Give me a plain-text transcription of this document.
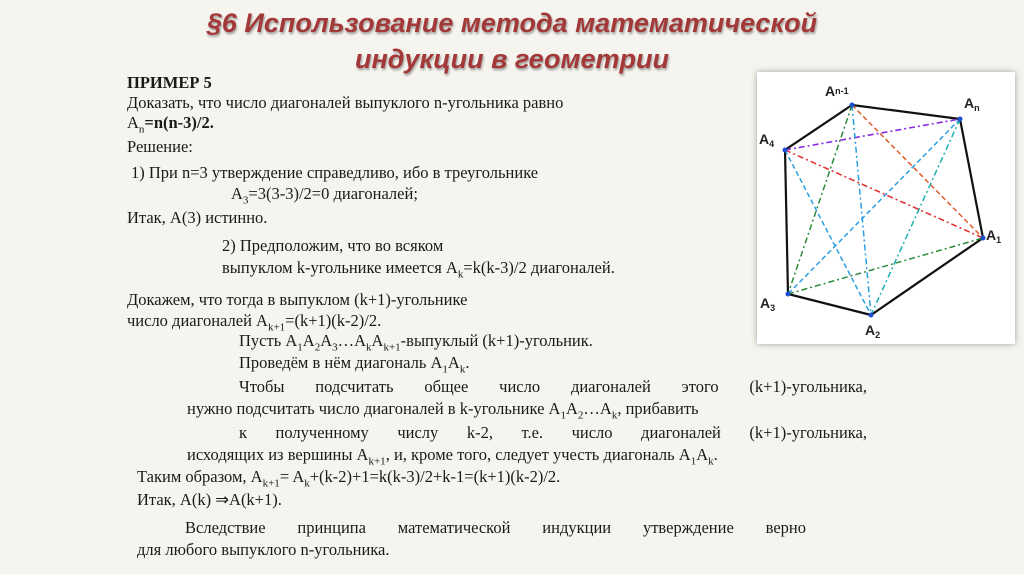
§6 Использование метода математической
индукции в геометрии
ПРИМЕР 5
Доказать, что число диагоналей выпуклого n-угольника равно
$A_n=n(n-3)/2$.
Решение:
1) При n=3 утверждение справедливо, ибо в треугольнике
$A_3=3(3-3)/2=0$ диагоналей;
Итак, А(3) истинно.
2) Предположим, что во всяком
выпуклом k-угольнике имеется $A_k=k(k-3)/2$ диагоналей.
Докажем, что тогда в выпуклом (k+1)-угольнике
число диагоналей $A_{k+1}=(k+1)(k-2)/2$.
Пусть $A_1A_2A_3\dots A_kA_{k+1}$-выпуклый (k+1)-угольник.
Проведём в нём диагональ $A_1A_k$.
Чтобы подсчитать общее число диагоналей этого (k+1)-угольника,
нужно подсчитать число диагоналей в k-угольнике $A_1A_2\dots A_k$, прибавить
к полученному числу k-2, т.е. число диагоналей (k+1)-угольника,
исходящих из вершины $A_{k+1}$, и, кроме того, следует учесть диагональ $A_1A_k$.
Таким образом, $A_{k+1}= A_k+(k-2)+1=k(k-3)/2+k-1=(k+1)(k-2)/2$.
Итак, A(k) ⇒A(k+1).
Вследствие принципа математической индукции утверждение верно
для любого выпуклого n-угольника.
An-1
$A_n$
$A_4$
$A_1$
$A_3$
$A_2$
